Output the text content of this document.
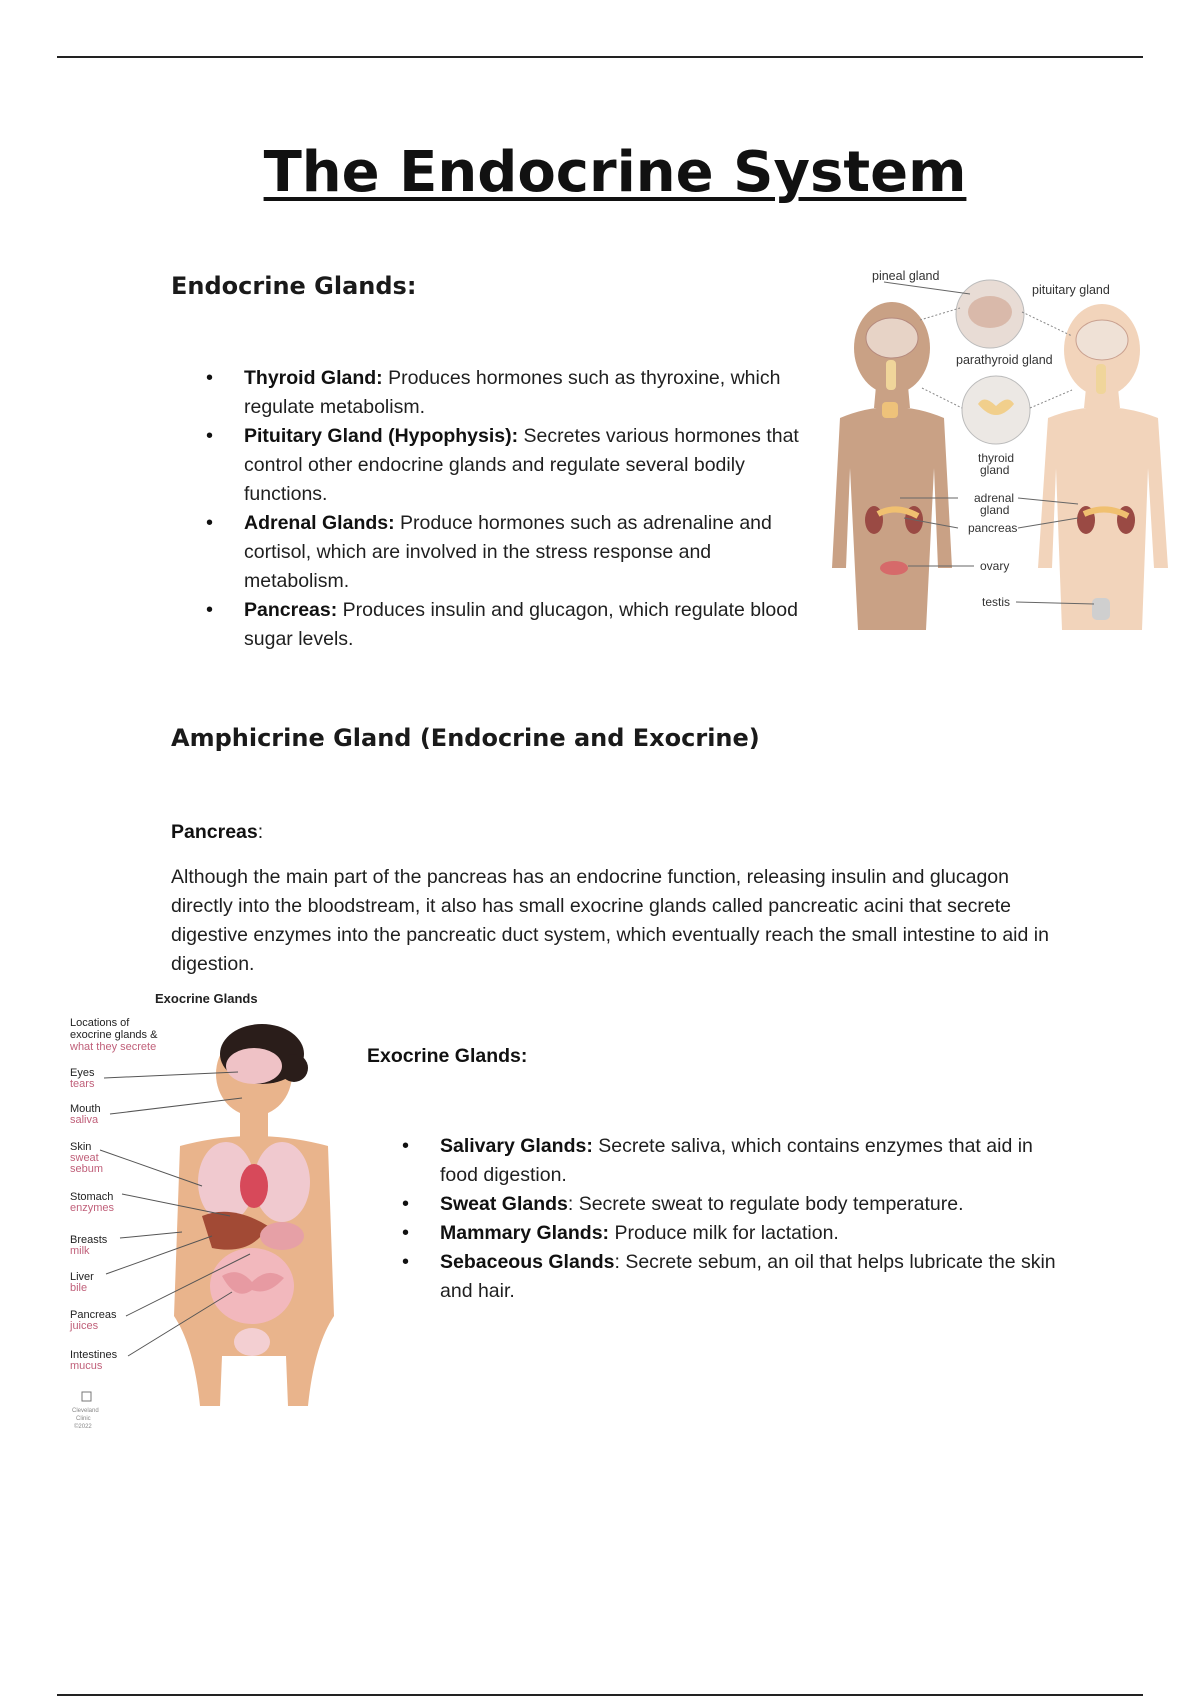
The Endocrine System
Endocrine Glands:
• Thyroid Gland: Produces hormones such as thyroxine, which regulate metabolism.
• Pituitary Gland (Hypophysis): Secretes various hormones that control other endocrine glands and regulate several bodily functions.
• Adrenal Glands: Produce hormones such as adrenaline and cortisol, which are involved in the stress response and metabolism.
• Pancreas: Produces insulin and glucagon, which regulate blood sugar levels.
pineal gland
pituitary gland
parathyroid gland
thyroid
gland
adrenal
gland
pancreas
ovary
testis
Amphicrine Gland (Endocrine and Exocrine)

Pancreas:

Although the main part of the pancreas has an endocrine function, releasing insulin and glucagon directly into the bloodstream, it also has small exocrine glands called pancreatic acini that secrete digestive enzymes into the pancreatic duct system, which eventually reach the small intestine to aid in digestion.

Exocrine Glands
Locations of
exocrine glands &
what they secrete
Eyes
tears
Mouth
saliva
Skin
sweat
sebum
Stomach
enzymes
Breasts
milk
Liver
bile
Pancreas
juices
Intestines
mucus
Cleveland
Clinic
©2022

Exocrine Glands:

• Salivary Glands: Secrete saliva, which contains enzymes that aid in food digestion.
• Sweat Glands: Secrete sweat to regulate body temperature.
• Mammary Glands: Produce milk for lactation.
• Sebaceous Glands: Secrete sebum, an oil that helps lubricate the skin and hair.
